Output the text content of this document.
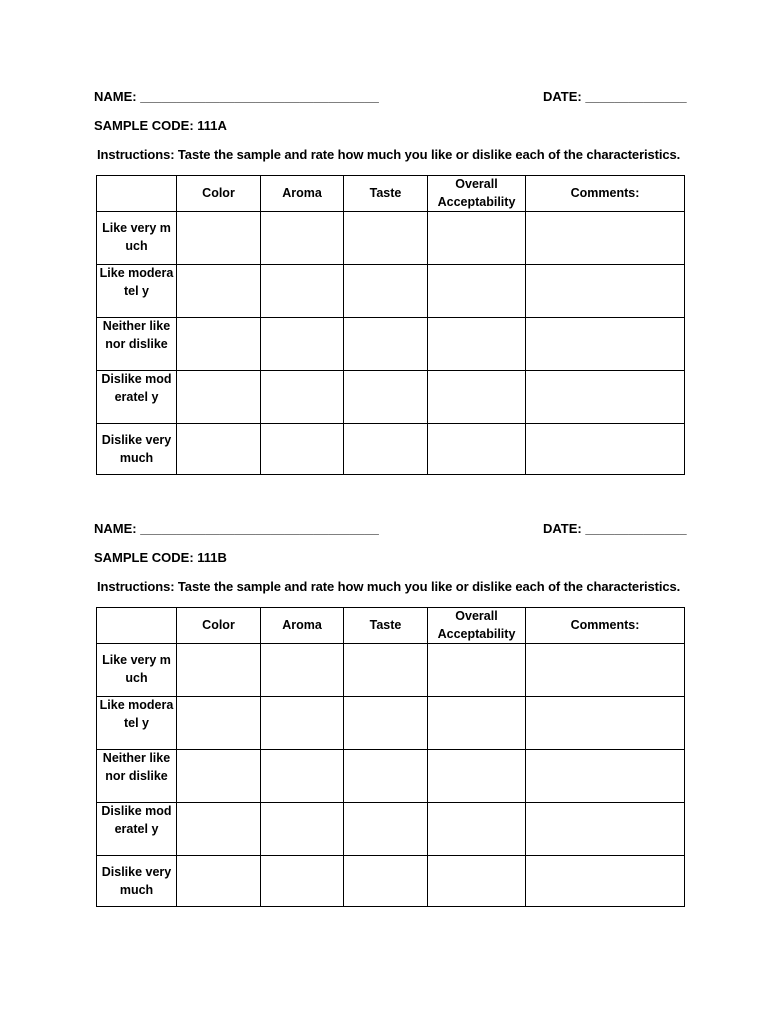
NAME: _________________________________	DATE: ______________
SAMPLE CODE: 111A
Instructions: Taste the sample and rate how much you like or dislike each of the characteristics.
	Color	Aroma	Taste	Overall Acceptability	Comments:
Like very much					
Like moderatel y					
Neither like nor dislike					
Dislike moderatel y					
Dislike very much					
NAME: _________________________________	DATE: ______________
SAMPLE CODE: 111B
Instructions: Taste the sample and rate how much you like or dislike each of the characteristics.
	Color	Aroma	Taste	Overall Acceptability	Comments:
Like very much					
Like moderatel y					
Neither like nor dislike					
Dislike moderatel y					
Dislike very much					
